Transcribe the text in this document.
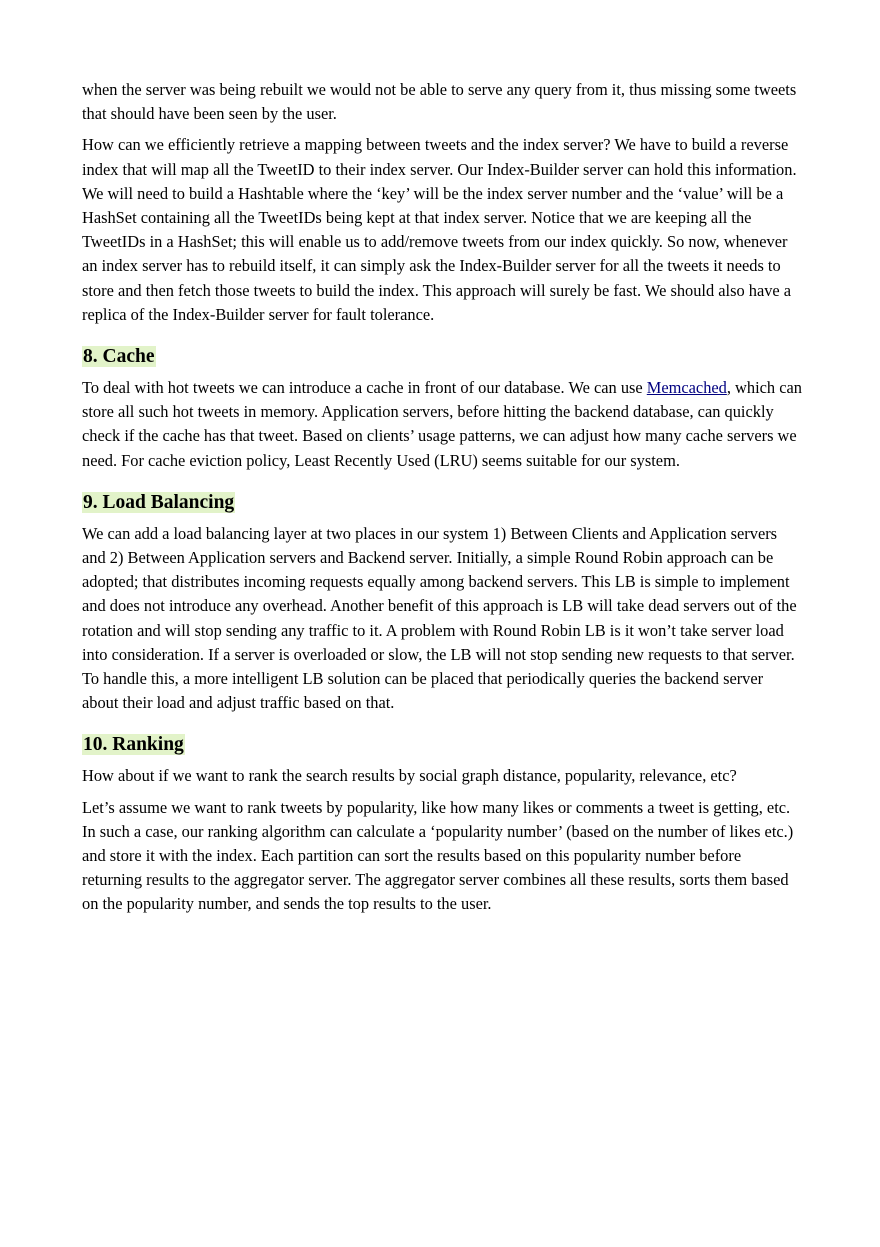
when the server was being rebuilt we would not be able to serve any query from it, thus missing some tweets that should have been seen by the user.

How can we efficiently retrieve a mapping between tweets and the index server? We have to build a reverse index that will map all the TweetID to their index server. Our Index-Builder server can hold this information. We will need to build a Hashtable where the ‘key’ will be the index server number and the ‘value’ will be a HashSet containing all the TweetIDs being kept at that index server. Notice that we are keeping all the TweetIDs in a HashSet; this will enable us to add/remove tweets from our index quickly. So now, whenever an index server has to rebuild itself, it can simply ask the Index-Builder server for all the tweets it needs to store and then fetch those tweets to build the index. This approach will surely be fast. We should also have a replica of the Index-Builder server for fault tolerance.

8. Cache

To deal with hot tweets we can introduce a cache in front of our database. We can use Memcached, which can store all such hot tweets in memory. Application servers, before hitting the backend database, can quickly check if the cache has that tweet. Based on clients’ usage patterns, we can adjust how many cache servers we need. For cache eviction policy, Least Recently Used (LRU) seems suitable for our system.

9. Load Balancing

We can add a load balancing layer at two places in our system 1) Between Clients and Application servers and 2) Between Application servers and Backend server. Initially, a simple Round Robin approach can be adopted; that distributes incoming requests equally among backend servers. This LB is simple to implement and does not introduce any overhead. Another benefit of this approach is LB will take dead servers out of the rotation and will stop sending any traffic to it. A problem with Round Robin LB is it won’t take server load into consideration. If a server is overloaded or slow, the LB will not stop sending new requests to that server. To handle this, a more intelligent LB solution can be placed that periodically queries the backend server about their load and adjust traffic based on that.

10. Ranking

How about if we want to rank the search results by social graph distance, popularity, relevance, etc?

Let’s assume we want to rank tweets by popularity, like how many likes or comments a tweet is getting, etc. In such a case, our ranking algorithm can calculate a ‘popularity number’ (based on the number of likes etc.) and store it with the index. Each partition can sort the results based on this popularity number before returning results to the aggregator server. The aggregator server combines all these results, sorts them based on the popularity number, and sends the top results to the user.
